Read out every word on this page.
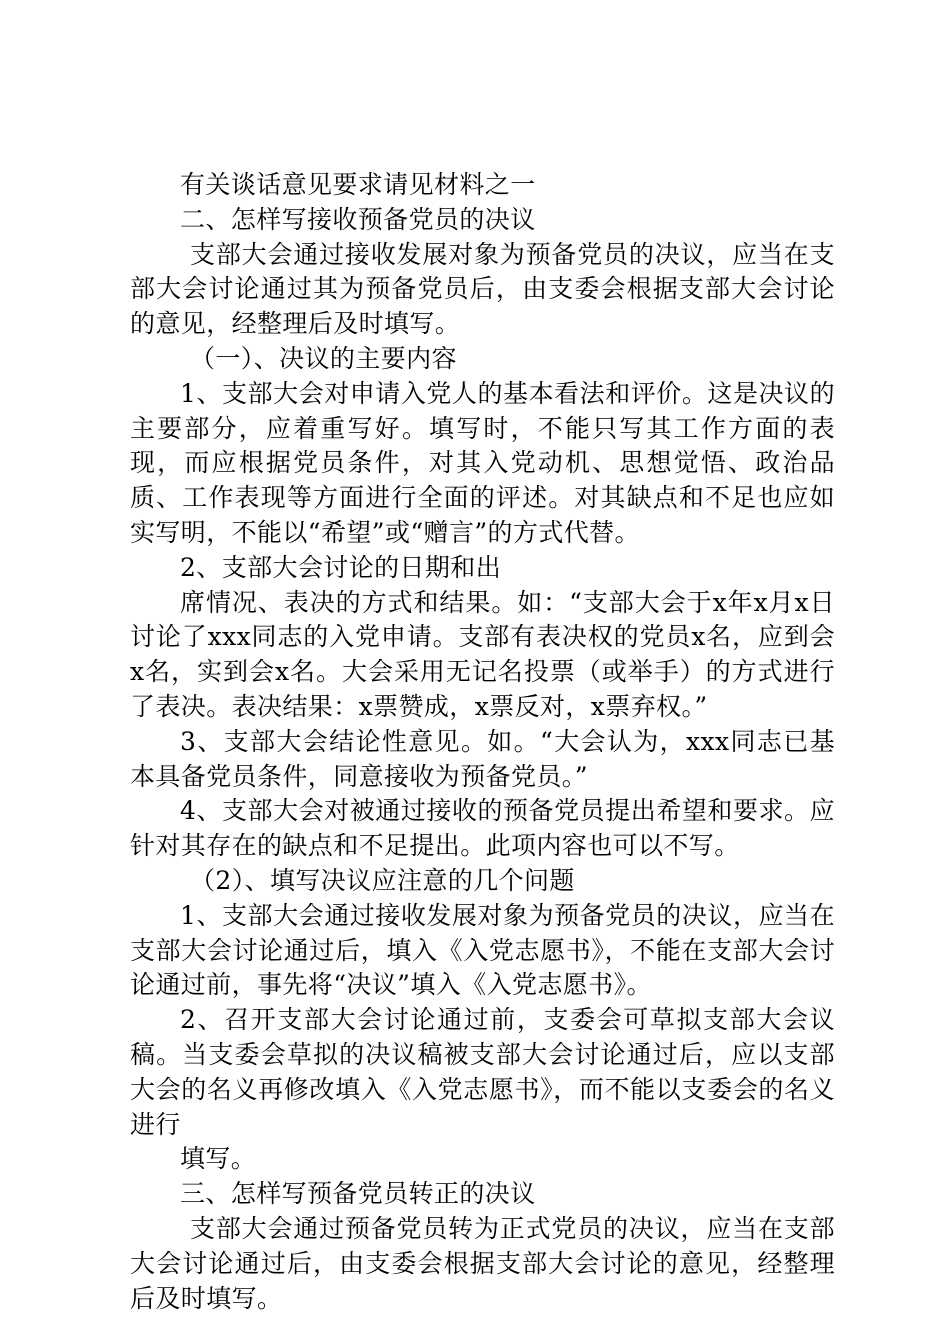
有关谈话意见要求请见材料之一

二、怎样写接收预备党员的决议

支部大会通过接收发展对象为预备党员的决议，应当在支部大会讨论通过其为预备党员后，由支委会根据支部大会讨论的意见，经整理后及时填写。

（一）、决议的主要内容

1、支部大会对申请入党人的基本看法和评价。这是决议的主要部分，应着重写好。填写时，不能只写其工作方面的表现，而应根据党员条件，对其入党动机、思想觉悟、政治品质、工作表现等方面进行全面的评述。对其缺点和不足也应如实写明，不能以“希望”或“赠言”的方式代替。

2、支部大会讨论的日期和出

席情况、表决的方式和结果。如：“支部大会于x年x月x日讨论了xxx同志的入党申请。支部有表决权的党员x名，应到会x名，实到会x名。大会采用无记名投票（或举手）的方式进行了表决。表决结果：x票赞成，x票反对，x票弃权。”

3、支部大会结论性意见。如。“大会认为，xxx同志已基本具备党员条件，同意接收为预备党员。”

4、支部大会对被通过接收的预备党员提出希望和要求。应针对其存在的缺点和不足提出。此项内容也可以不写。

（2）、填写决议应注意的几个问题

1、支部大会通过接收发展对象为预备党员的决议，应当在支部大会讨论通过后，填入《入党志愿书》，不能在支部大会讨论通过前，事先将“决议”填入《入党志愿书》。

2、召开支部大会讨论通过前，支委会可草拟支部大会议稿。当支委会草拟的决议稿被支部大会讨论通过后，应以支部大会的名义再修改填入《入党志愿书》，而不能以支委会的名义进行

填写。

三、怎样写预备党员转正的决议

支部大会通过预备党员转为正式党员的决议，应当在支部大会讨论通过后，由支委会根据支部大会讨论的意见，经整理后及时填写。
